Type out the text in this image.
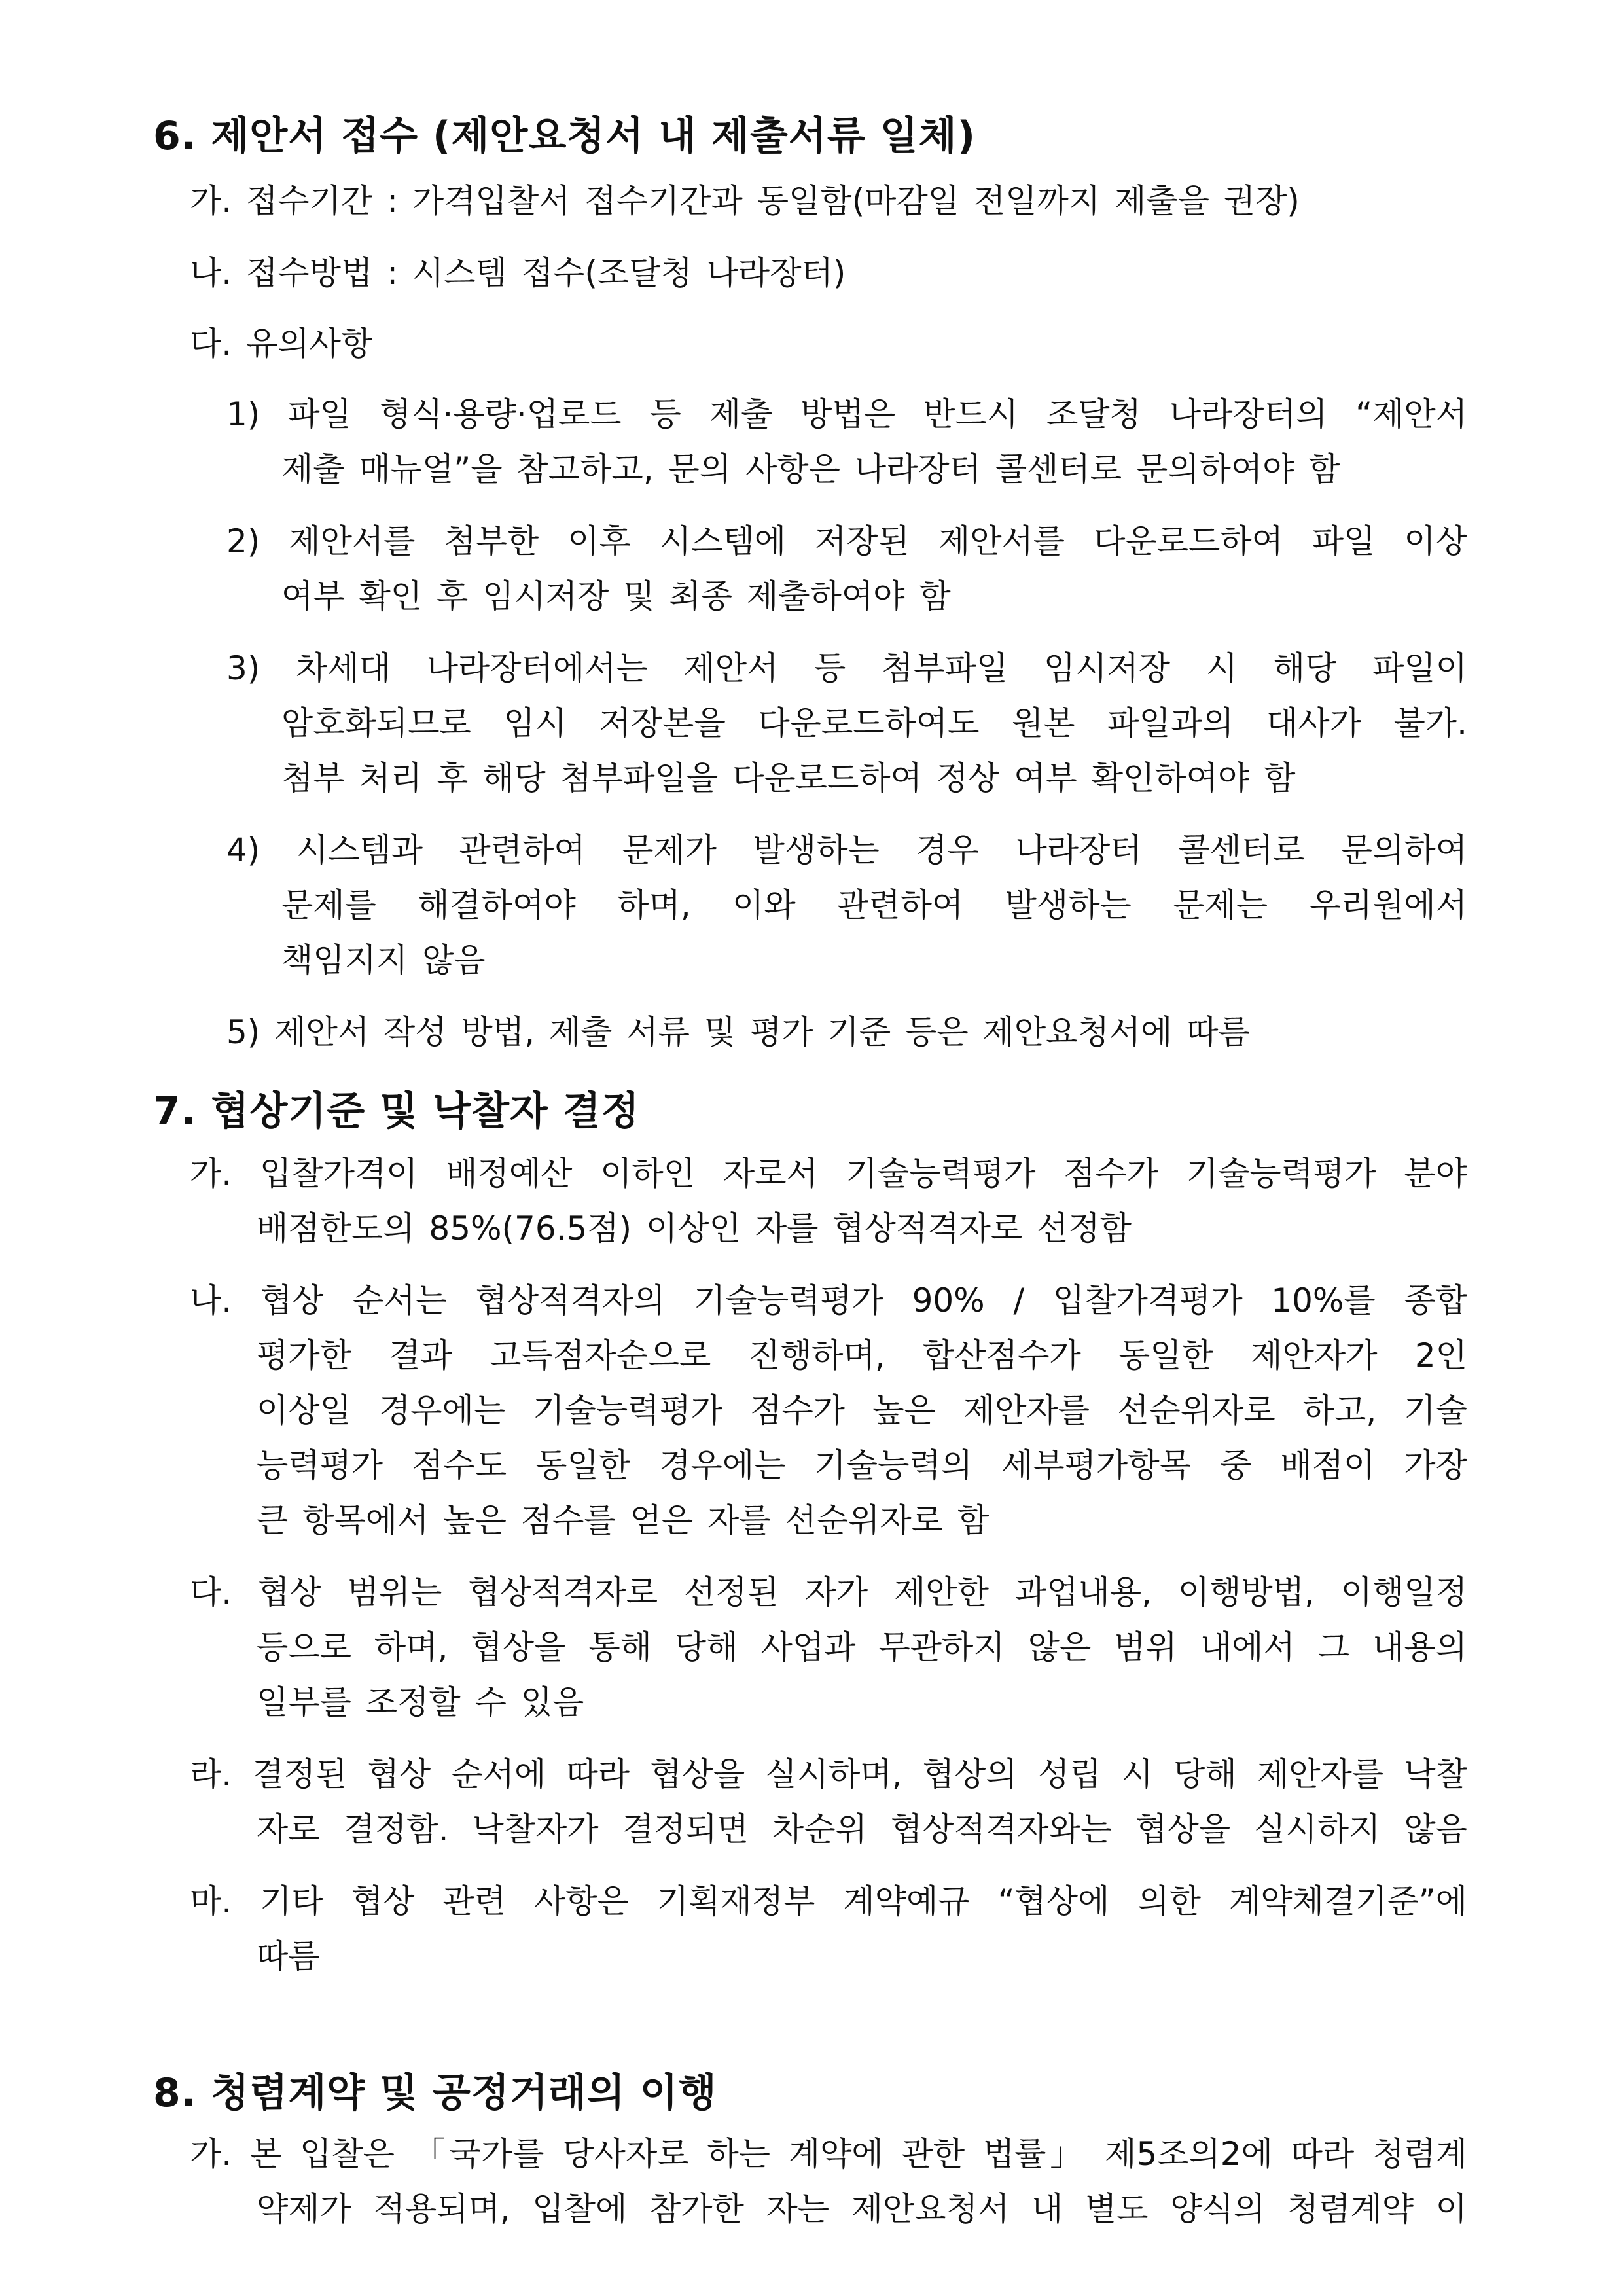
6. 제안서 접수 (제안요청서 내 제출서류 일체)
가. 접수기간 : 가격입찰서 접수기간과 동일함(마감일 전일까지 제출을 권장)
나. 접수방법 : 시스템 접수(조달청 나라장터)
다. 유의사항
1) 파일 형식·용량·업로드 등 제출 방법은 반드시 조달청 나라장터의 “제안서
제출 매뉴얼”을 참고하고, 문의 사항은 나라장터 콜센터로 문의하여야 함
2) 제안서를 첨부한 이후 시스템에 저장된 제안서를 다운로드하여 파일 이상
여부 확인 후 임시저장 및 최종 제출하여야 함
3) 차세대 나라장터에서는 제안서 등 첨부파일 임시저장 시 해당 파일이
암호화되므로 임시 저장본을 다운로드하여도 원본 파일과의 대사가 불가.
첨부 처리 후 해당 첨부파일을 다운로드하여 정상 여부 확인하여야 함
4) 시스템과 관련하여 문제가 발생하는 경우 나라장터 콜센터로 문의하여
문제를 해결하여야 하며, 이와 관련하여 발생하는 문제는 우리원에서
책임지지 않음
5) 제안서 작성 방법, 제출 서류 및 평가 기준 등은 제안요청서에 따름
7. 협상기준 및 낙찰자 결정
가. 입찰가격이 배정예산 이하인 자로서 기술능력평가 점수가 기술능력평가 분야
배점한도의 85%(76.5점) 이상인 자를 협상적격자로 선정함
나. 협상 순서는 협상적격자의 기술능력평가 90% / 입찰가격평가 10%를 종합
평가한 결과 고득점자순으로 진행하며, 합산점수가 동일한 제안자가 2인
이상일 경우에는 기술능력평가 점수가 높은 제안자를 선순위자로 하고, 기술
능력평가 점수도 동일한 경우에는 기술능력의 세부평가항목 중 배점이 가장
큰 항목에서 높은 점수를 얻은 자를 선순위자로 함
다. 협상 범위는 협상적격자로 선정된 자가 제안한 과업내용, 이행방법, 이행일정
등으로 하며, 협상을 통해 당해 사업과 무관하지 않은 범위 내에서 그 내용의
일부를 조정할 수 있음
라. 결정된 협상 순서에 따라 협상을 실시하며, 협상의 성립 시 당해 제안자를 낙찰
자로 결정함. 낙찰자가 결정되면 차순위 협상적격자와는 협상을 실시하지 않음
마. 기타 협상 관련 사항은 기획재정부 계약예규 “협상에 의한 계약체결기준”에
따름
8. 청렴계약 및 공정거래의 이행
가. 본 입찰은 「국가를 당사자로 하는 계약에 관한 법률」 제5조의2에 따라 청렴계
약제가 적용되며, 입찰에 참가한 자는 제안요청서 내 별도 양식의 청렴계약 이
